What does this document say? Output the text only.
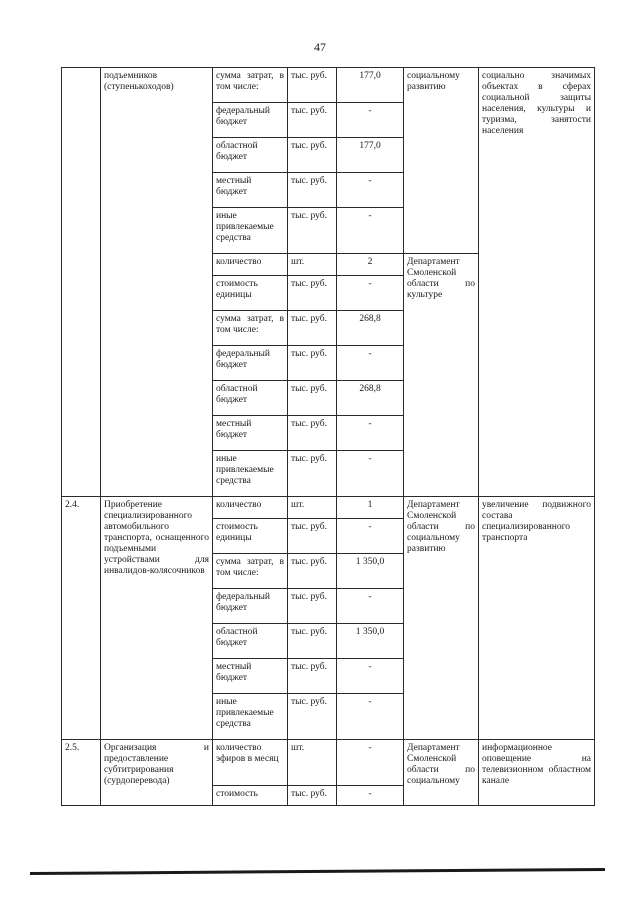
47
	подъемников (ступенькоходов)	сумма затрат, в том числе:	тыс. руб.	177,0	социальному развитию	социально значимых объектах в сферах социальной защиты населения, культуры и туризма, занятости населения
		федеральный бюджет	тыс. руб.	-		
		областной бюджет	тыс. руб.	177,0		
		местный бюджет	тыс. руб.	-		
		иные привлекаемые средства	тыс. руб.	-		
		количество	шт.	2	Департамент Смоленской области по культуре	
		стоимость единицы	тыс. руб.	-		
		сумма затрат, в том числе:	тыс. руб.	268,8		
		федеральный бюджет	тыс. руб.	-		
		областной бюджет	тыс. руб.	268,8		
		местный бюджет	тыс. руб.	-		
		иные привлекаемые средства	тыс. руб.	-		
2.4.	Приобретение специализированного автомобильного транспорта, оснащенного подъемными устройствами для инвалидов-колясочников	количество	шт.	1	Департамент Смоленской области по социальному развитию	увеличение подвижного состава специализированного транспорта
		стоимость единицы	тыс. руб.	-		
		сумма затрат, в том числе:	тыс. руб.	1 350,0		
		федеральный бюджет	тыс. руб.	-		
		областной бюджет	тыс. руб.	1 350,0		
		местный бюджет	тыс. руб.	-		
		иные привлекаемые средства	тыс. руб.	-		
2.5.	Организация и предоставление субтитрирования (сурдоперевода)	количество эфиров в месяц	шт.	-	Департамент Смоленской области по социальному	информационное оповещение на телевизионном областном канале
		стоимость	тыс. руб.	-		
